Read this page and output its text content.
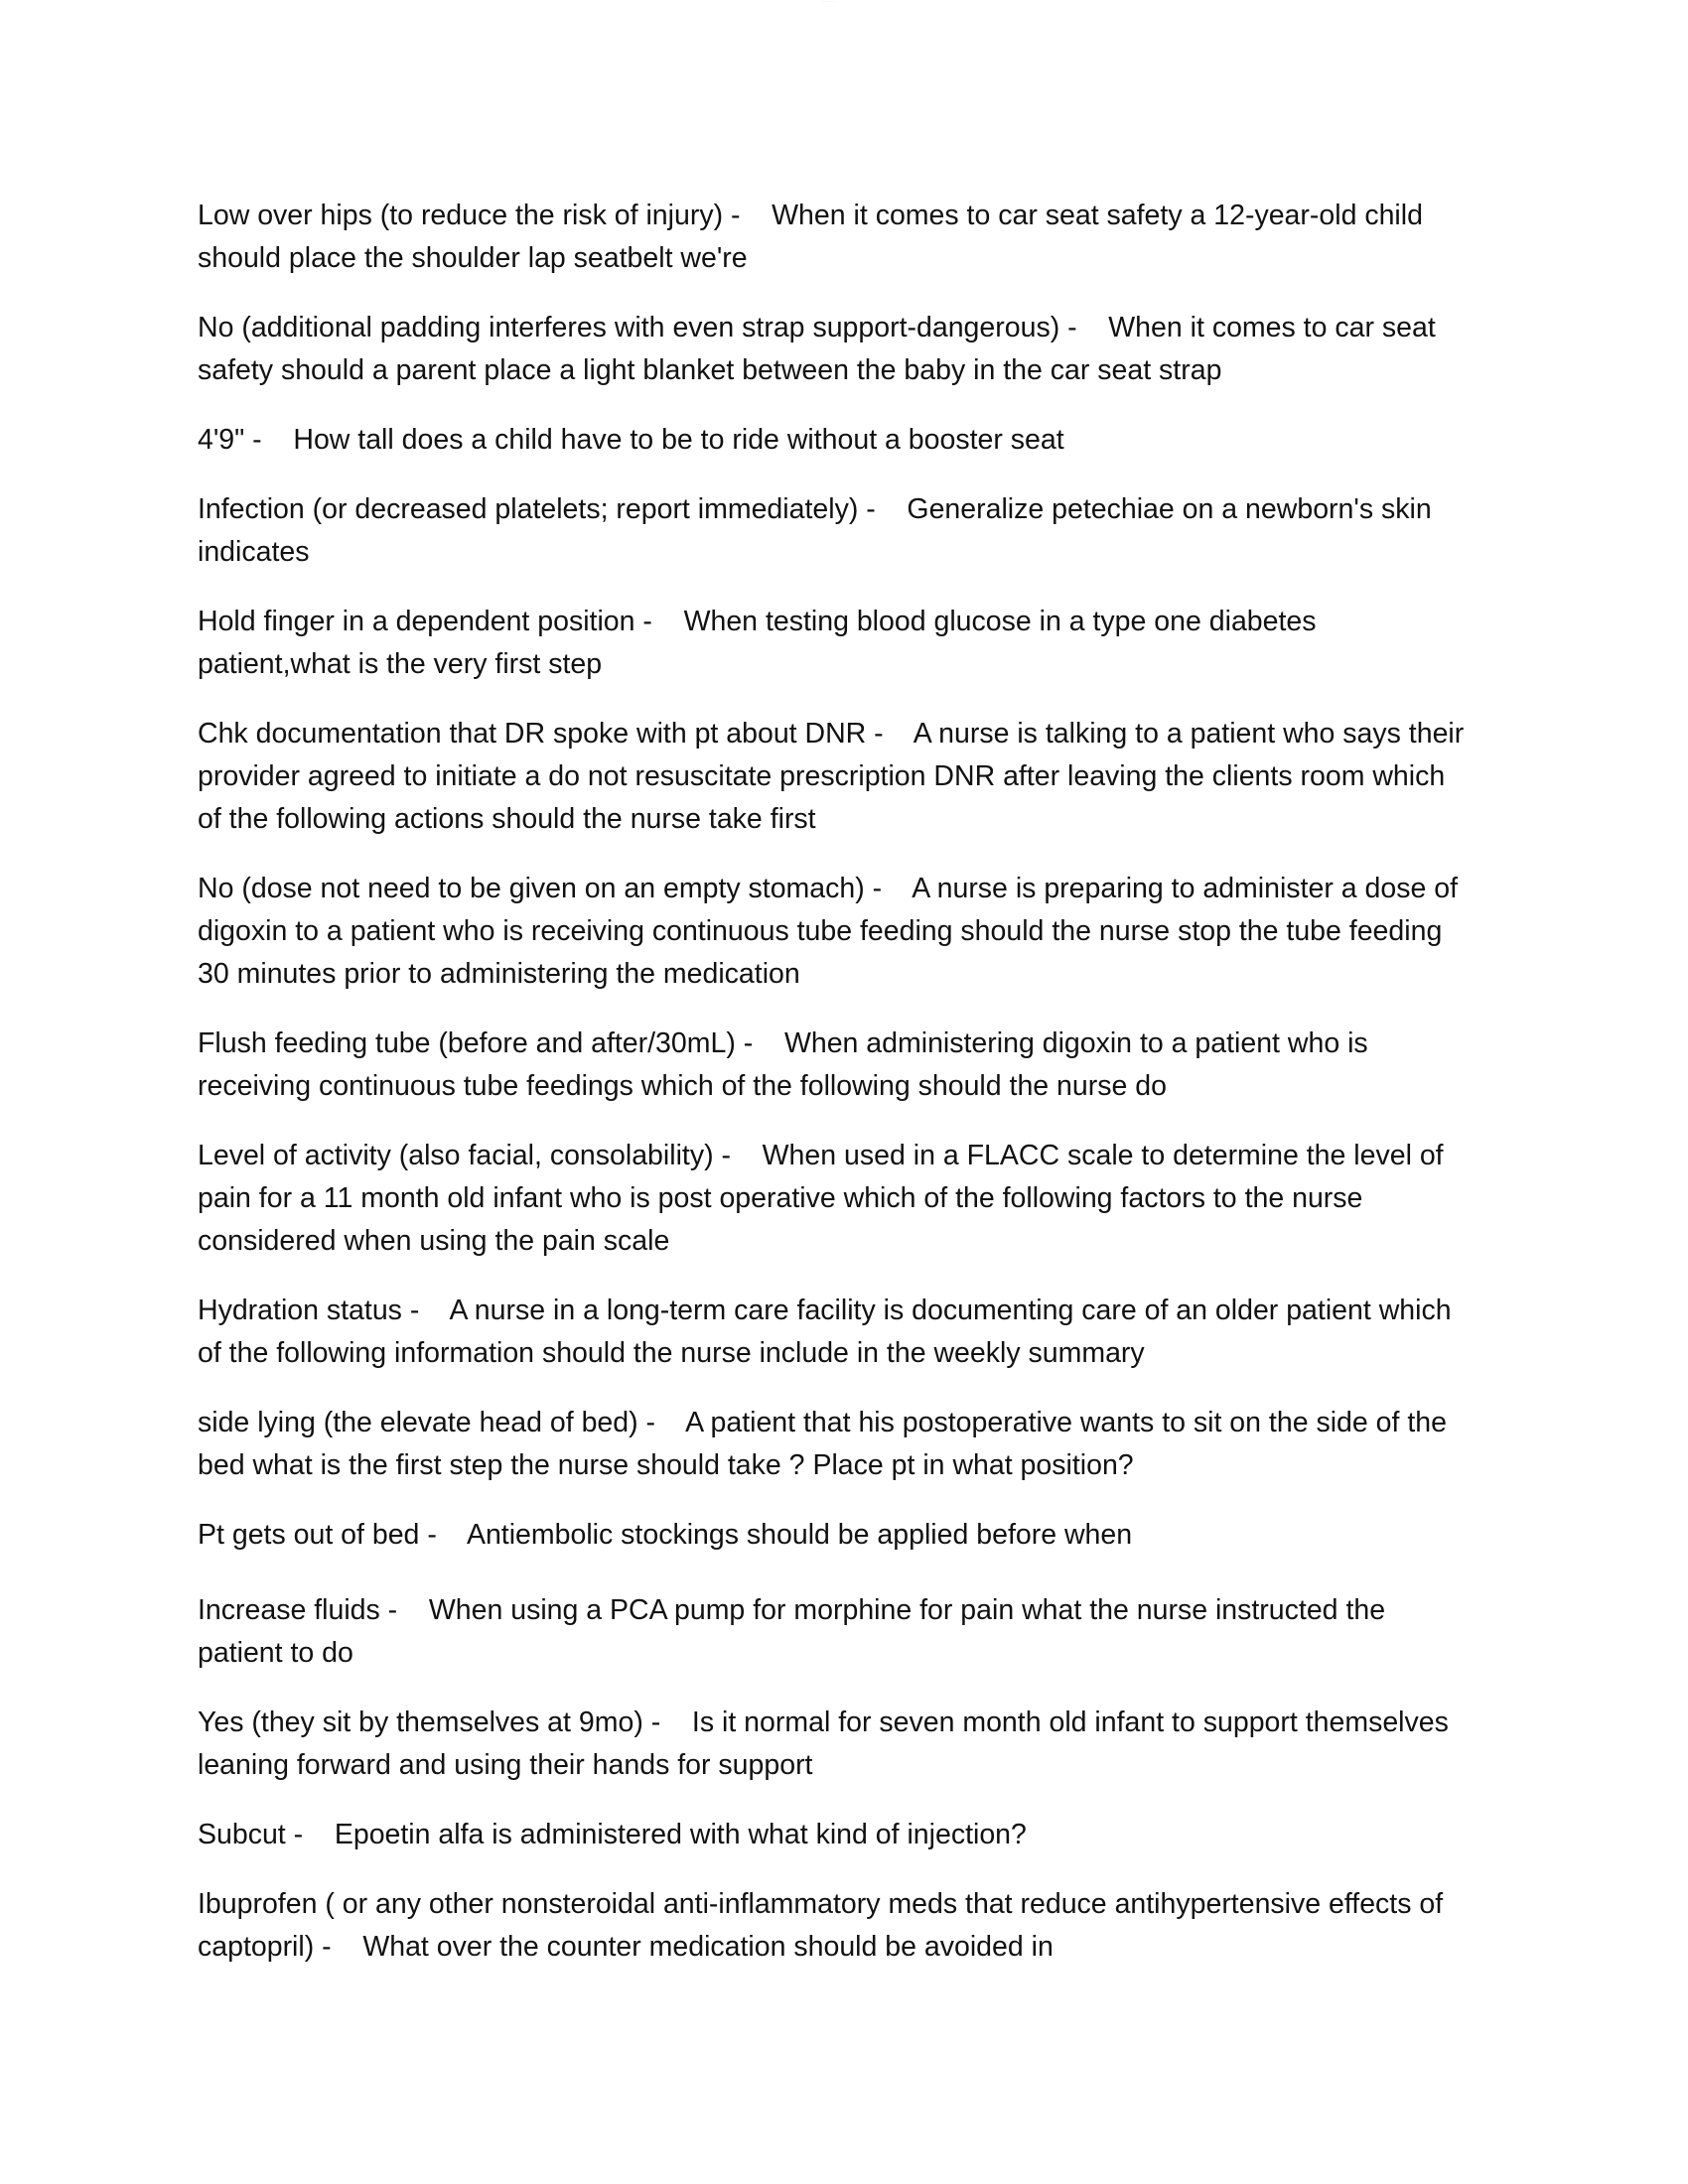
··· ······ ···

Low over hips (to reduce the risk of injury) -    When it comes to car seat safety a 12-year-old child should place the shoulder lap seatbelt we're

No (additional padding interferes with even strap support-dangerous) -    When it comes to car seat safety should a parent place a light blanket between the baby in the car seat strap

4'9" -    How tall does a child have to be to ride without a booster seat

Infection (or decreased platelets; report immediately) -    Generalize petechiae on a newborn's skin indicates

Hold finger in a dependent position -    When testing blood glucose in a type one diabetes patient,what is the very first step

Chk documentation that DR spoke with pt about DNR -    A nurse is talking to a patient who says their provider agreed to initiate a do not resuscitate prescription DNR after leaving the clients room which of the following actions should the nurse take first

No (dose not need to be given on an empty stomach) -    A nurse is preparing to administer a dose of digoxin to a patient who is receiving continuous tube feeding should the nurse stop the tube feeding 30 minutes prior to administering the medication

Flush feeding tube (before and after/30mL) -    When administering digoxin to a patient who is receiving continuous tube feedings which of the following should the nurse do

Level of activity (also facial, consolability) -    When used in a FLACC scale to determine the level of pain for a 11 month old infant who is post operative which of the following factors to the nurse considered when using the pain scale

Hydration status -    A nurse in a long-term care facility is documenting care of an older patient which of the following information should the nurse include in the weekly summary

side lying (the elevate head of bed) -    A patient that his postoperative wants to sit on the side of the bed what is the first step the nurse should take ? Place pt in what position?

Pt gets out of bed -    Antiembolic stockings should be applied before when

Increase fluids -    When using a PCA pump for morphine for pain what the nurse instructed the patient to do

Yes (they sit by themselves at 9mo) -    Is it normal for seven month old infant to support themselves leaning forward and using their hands for support

Subcut -    Epoetin alfa is administered with what kind of injection?

Ibuprofen ( or any other nonsteroidal anti-inflammatory meds that reduce antihypertensive effects of captopril) -    What over the counter medication should be avoided in
